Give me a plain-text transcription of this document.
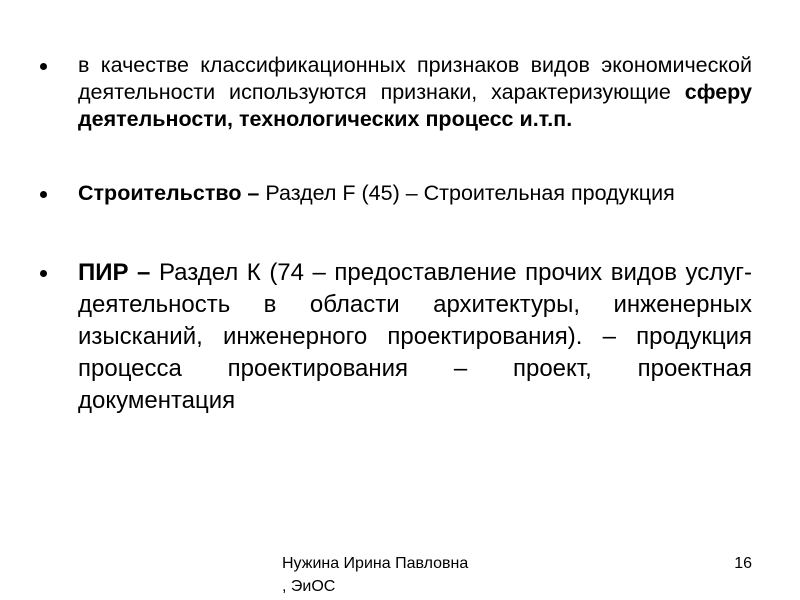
в качестве классификационных признаков видов экономической деятельности используются признаки, характеризующие сферу деятельности, технологических процесс и.т.п.

Строительство – Раздел F (45) – Строительная продукция

ПИР – Раздел К (74 – предоставление прочих видов услуг- деятельность в области архитектуры, инженерных изысканий, инженерного проектирования). – продукция процесса проектирования – проект, проектная документация

Нужина Ирина Павловна
, ЭиОС
16
